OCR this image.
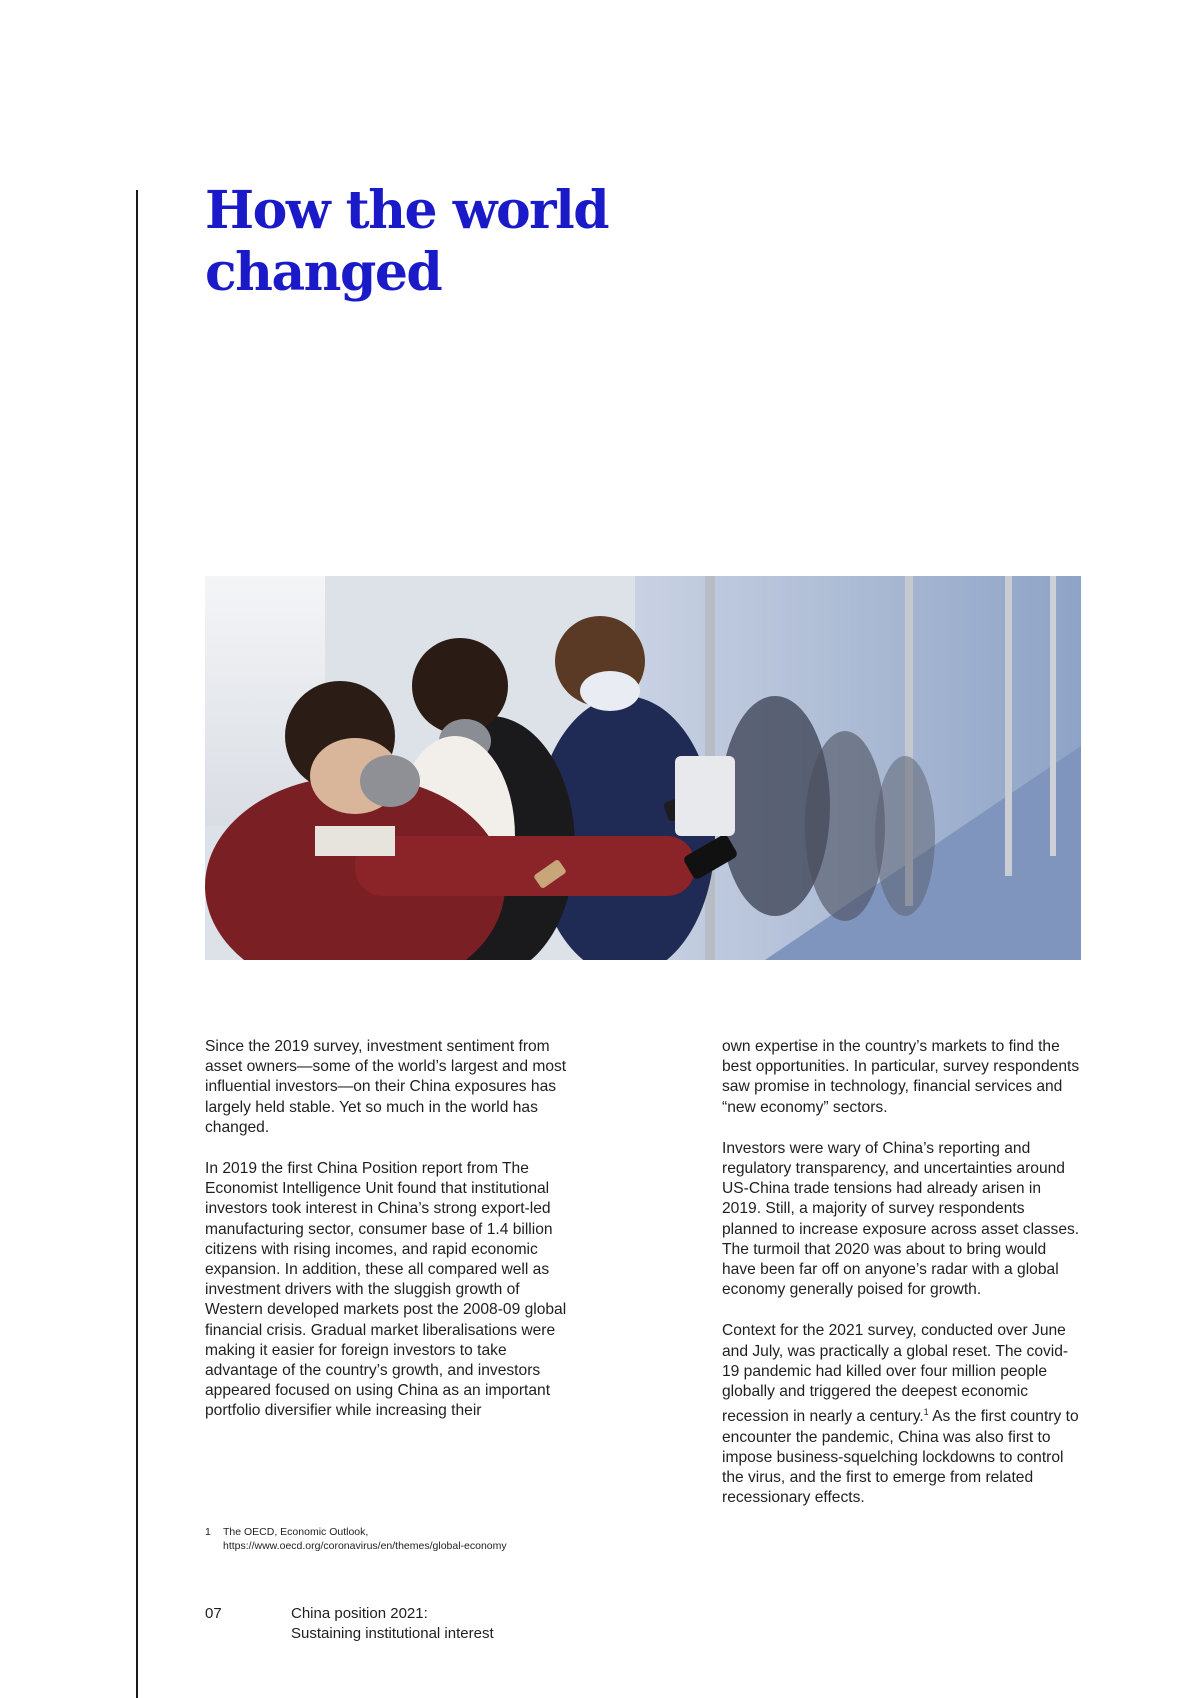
How the world
changed

Since the 2019 survey, investment sentiment from asset owners—some of the world’s largest and most influential investors—on their China exposures has largely held stable. Yet so much in the world has changed.

In 2019 the first China Position report from The Economist Intelligence Unit found that institutional investors took interest in China’s strong export-led manufacturing sector, consumer base of 1.4 billion citizens with rising incomes, and rapid economic expansion. In addition, these all compared well as investment drivers with the sluggish growth of Western developed markets post the 2008-09 global financial crisis. Gradual market liberalisations were making it easier for foreign investors to take advantage of the country’s growth, and investors appeared focused on using China as an important portfolio diversifier while increasing their

own expertise in the country’s markets to find the best opportunities. In particular, survey respondents saw promise in technology, financial services and “new economy” sectors.

Investors were wary of China’s reporting and regulatory transparency, and uncertainties around US-China trade tensions had already arisen in 2019. Still, a majority of survey respondents planned to increase exposure across asset classes. The turmoil that 2020 was about to bring would have been far off on anyone’s radar with a global economy generally poised for growth.

Context for the 2021 survey, conducted over June and July, was practically a global reset. The covid-19 pandemic had killed over four million people globally and triggered the deepest economic recession in nearly a century.$^1$ As the first country to encounter the pandemic, China was also first to impose business-squelching lockdowns to control the virus, and the first to emerge from related recessionary effects.

1	The OECD, Economic Outlook, https://www.oecd.org/coronavirus/en/themes/global-economy
07	China position 2021:
Sustaining institutional interest
